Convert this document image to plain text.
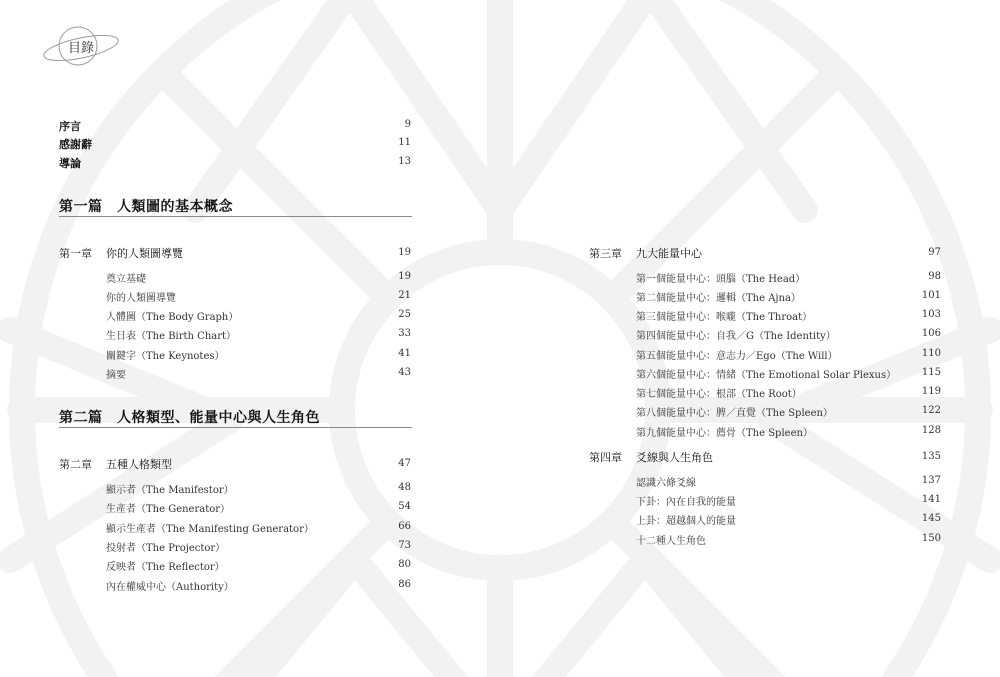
目錄
序言	9
感謝辭	11
導論	13
第一篇　人類圖的基本概念
第一章 你的人類圖導覽	19
奠立基礎	19
你的人類圖導覽	21
人體圖（The Body Graph）	25
生日表（The Birth Chart）	33
關鍵字（The Keynotes）	41
摘要	43
第二篇　人格類型、能量中心與人生角色
第二章 五種人格類型	47
顯示者（The Manifestor）	48
生產者（The Generator）	54
顯示生產者（The Manifesting Generator）	66
投射者（The Projector）	73
反映者（The Reflector）	80
內在權威中心（Authority）	86
第三章 九大能量中心	97
第一個能量中心：頭腦（The Head）	98
第二個能量中心：邏輯（The Ajna）	101
第三個能量中心：喉嚨（The Throat）	103
第四個能量中心：自我／G（The Identity）	106
第五個能量中心：意志力／Ego（The Will）	110
第六個能量中心：情緒（The Emotional Solar Plexus）	115
第七個能量中心：根部（The Root）	119
第八個能量中心：脾／直覺（The Spleen）	122
第九個能量中心：薦骨（The Spleen）	128
第四章 爻線與人生角色	135
認識六條爻線	137
下卦：內在自我的能量	141
上卦：超越個人的能量	145
十二種人生角色	150
